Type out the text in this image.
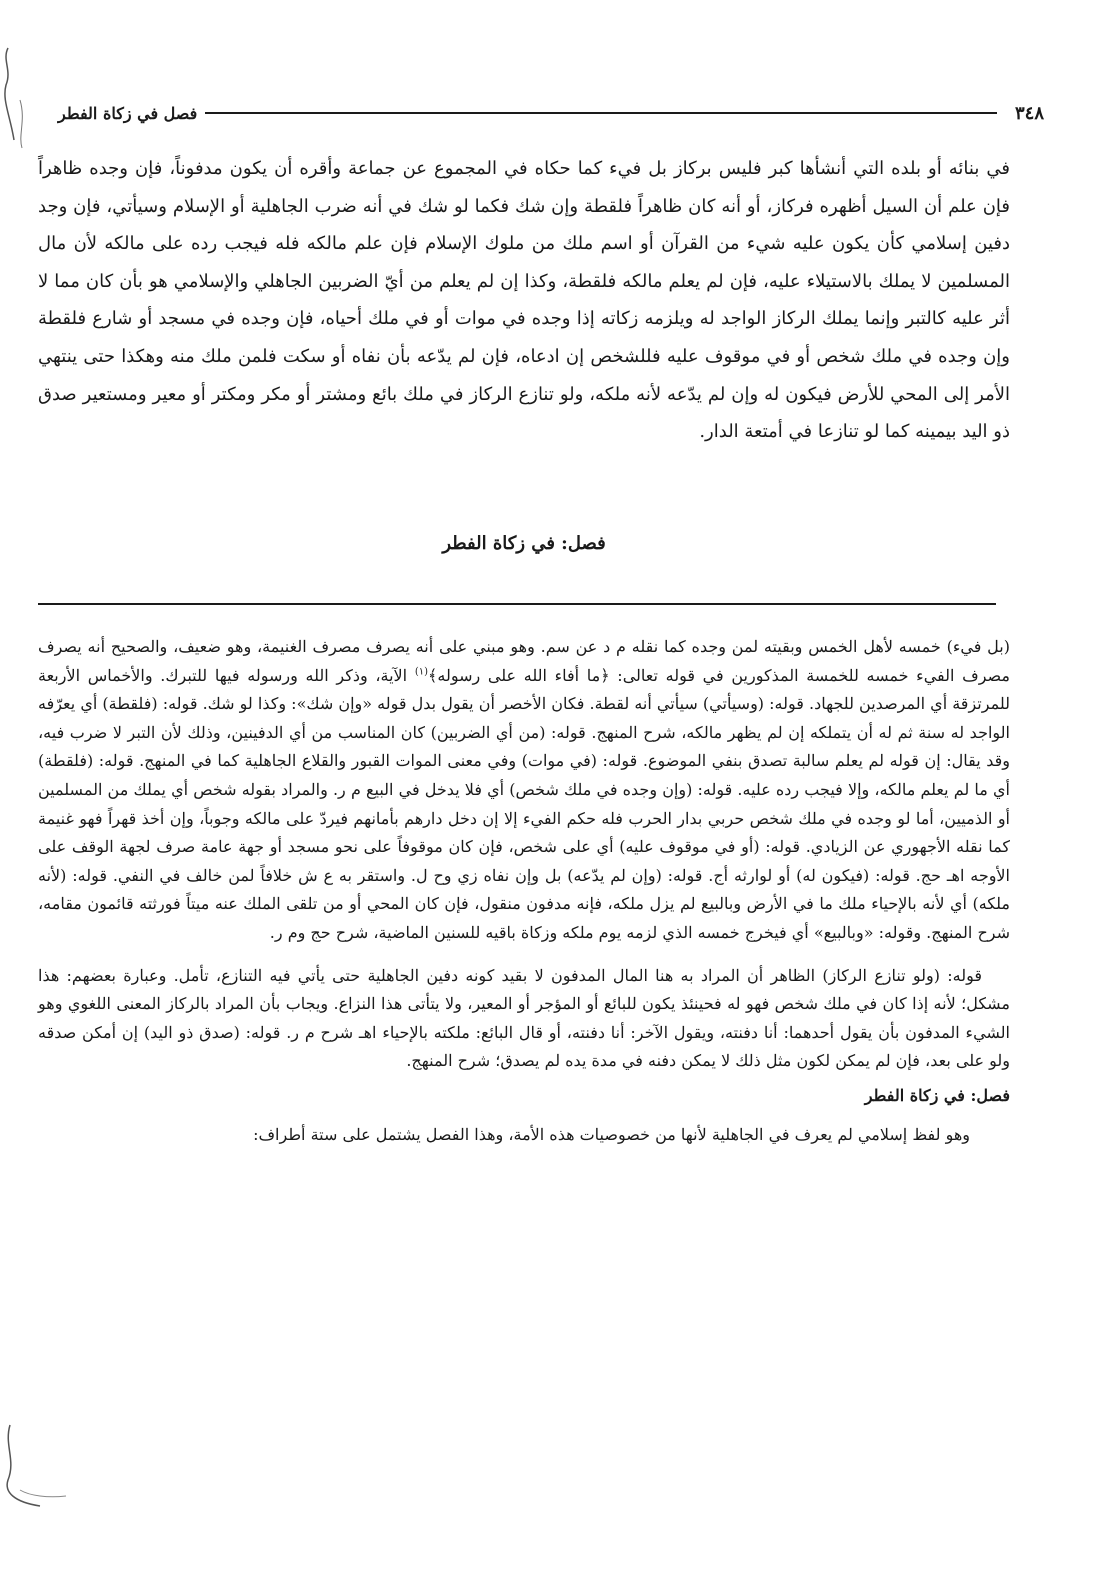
٣٤٨
فصل في زكاة الفطر

في بنائه أو بلده التي أنشأها كبر فليس بركاز بل فيء كما حكاه في المجموع عن جماعة وأقره أن يكون مدفوناً، فإن وجده ظاهراً فإن علم أن السيل أظهره فركاز، أو أنه كان ظاهراً فلقطة وإن شك فكما لو شك في أنه ضرب الجاهلية أو الإسلام وسيأتي، فإن وجد دفين إسلامي كأن يكون عليه شيء من القرآن أو اسم ملك من ملوك الإسلام فإن علم مالكه فله فيجب رده على مالكه لأن مال المسلمين لا يملك بالاستيلاء عليه، فإن لم يعلم مالكه فلقطة، وكذا إن لم يعلم من أيّ الضربين الجاهلي والإسلامي هو بأن كان مما لا أثر عليه كالتبر وإنما يملك الركاز الواجد له ويلزمه زكاته إذا وجده في موات أو في ملك أحياه، فإن وجده في مسجد أو شارع فلقطة وإن وجده في ملك شخص أو في موقوف عليه فللشخص إن ادعاه، فإن لم يدّعه بأن نفاه أو سكت فلمن ملك منه وهكذا حتى ينتهي الأمر إلى المحي للأرض فيكون له وإن لم يدّعه لأنه ملكه، ولو تنازع الركاز في ملك بائع ومشتر أو مكر ومكتر أو معير ومستعير صدق ذو اليد بيمينه كما لو تنازعا في أمتعة الدار.

فصل: في زكاة الفطر

(بل فيء) خمسه لأهل الخمس وبقيته لمن وجده كما نقله م د عن سم. وهو مبني على أنه يصرف مصرف الغنيمة، وهو ضعيف، والصحيح أنه يصرف مصرف الفيء خمسه للخمسة المذكورين في قوله تعالى: ﴿ما أفاء الله على رسوله﴾$^{(١)}$ الآية، وذكر الله ورسوله فيها للتبرك. والأخماس الأربعة للمرتزقة أي المرصدين للجهاد. قوله: (وسيأتي) سيأتي أنه لقطة. فكان الأخصر أن يقول بدل قوله «وإن شك»: وكذا لو شك. قوله: (فلقطة) أي يعرّفه الواجد له سنة ثم له أن يتملكه إن لم يظهر مالكه، شرح المنهج. قوله: (من أي الضربين) كان المناسب من أي الدفينين، وذلك لأن التبر لا ضرب فيه، وقد يقال: إن قوله لم يعلم سالبة تصدق بنفي الموضوع. قوله: (في موات) وفي معنى الموات القبور والقلاع الجاهلية كما في المنهج. قوله: (فلقطة) أي ما لم يعلم مالكه، وإلا فيجب رده عليه. قوله: (وإن وجده في ملك شخص) أي فلا يدخل في البيع م ر. والمراد بقوله شخص أي يملك من المسلمين أو الذميين، أما لو وجده في ملك شخص حربي بدار الحرب فله حكم الفيء إلا إن دخل دارهم بأمانهم فيردّ على مالكه وجوباً، وإن أخذ قهراً فهو غنيمة كما نقله الأجهوري عن الزيادي. قوله: (أو في موقوف عليه) أي على شخص، فإن كان موقوفاً على نحو مسجد أو جهة عامة صرف لجهة الوقف على الأوجه اهـ حج. قوله: (فيكون له) أو لوارثه أج. قوله: (وإن لم يدّعه) بل وإن نفاه زي وح ل. واستقر به ع ش خلافاً لمن خالف في النفي. قوله: (لأنه ملكه) أي لأنه بالإحياء ملك ما في الأرض وبالبيع لم يزل ملكه، فإنه مدفون منقول، فإن كان المحي أو من تلقى الملك عنه ميتاً فورثته قائمون مقامه، شرح المنهج. وقوله: «وبالبيع» أي فيخرج خمسه الذي لزمه يوم ملكه وزكاة باقيه للسنين الماضية، شرح حج وم ر.

قوله: (ولو تنازع الركاز) الظاهر أن المراد به هنا المال المدفون لا بقيد كونه دفين الجاهلية حتى يأتي فيه التنازع، تأمل. وعبارة بعضهم: هذا مشكل؛ لأنه إذا كان في ملك شخص فهو له فحينئذ يكون للبائع أو المؤجر أو المعير، ولا يتأتى هذا النزاع. ويجاب بأن المراد بالركاز المعنى اللغوي وهو الشيء المدفون بأن يقول أحدهما: أنا دفنته، ويقول الآخر: أنا دفنته، أو قال البائع: ملكته بالإحياء اهـ شرح م ر. قوله: (صدق ذو اليد) إن أمكن صدقه ولو على بعد، فإن لم يمكن لكون مثل ذلك لا يمكن دفنه في مدة يده لم يصدق؛ شرح المنهج.

فصل: في زكاة الفطر

وهو لفظ إسلامي لم يعرف في الجاهلية لأنها من خصوصيات هذه الأمة، وهذا الفصل يشتمل على ستة أطراف:
